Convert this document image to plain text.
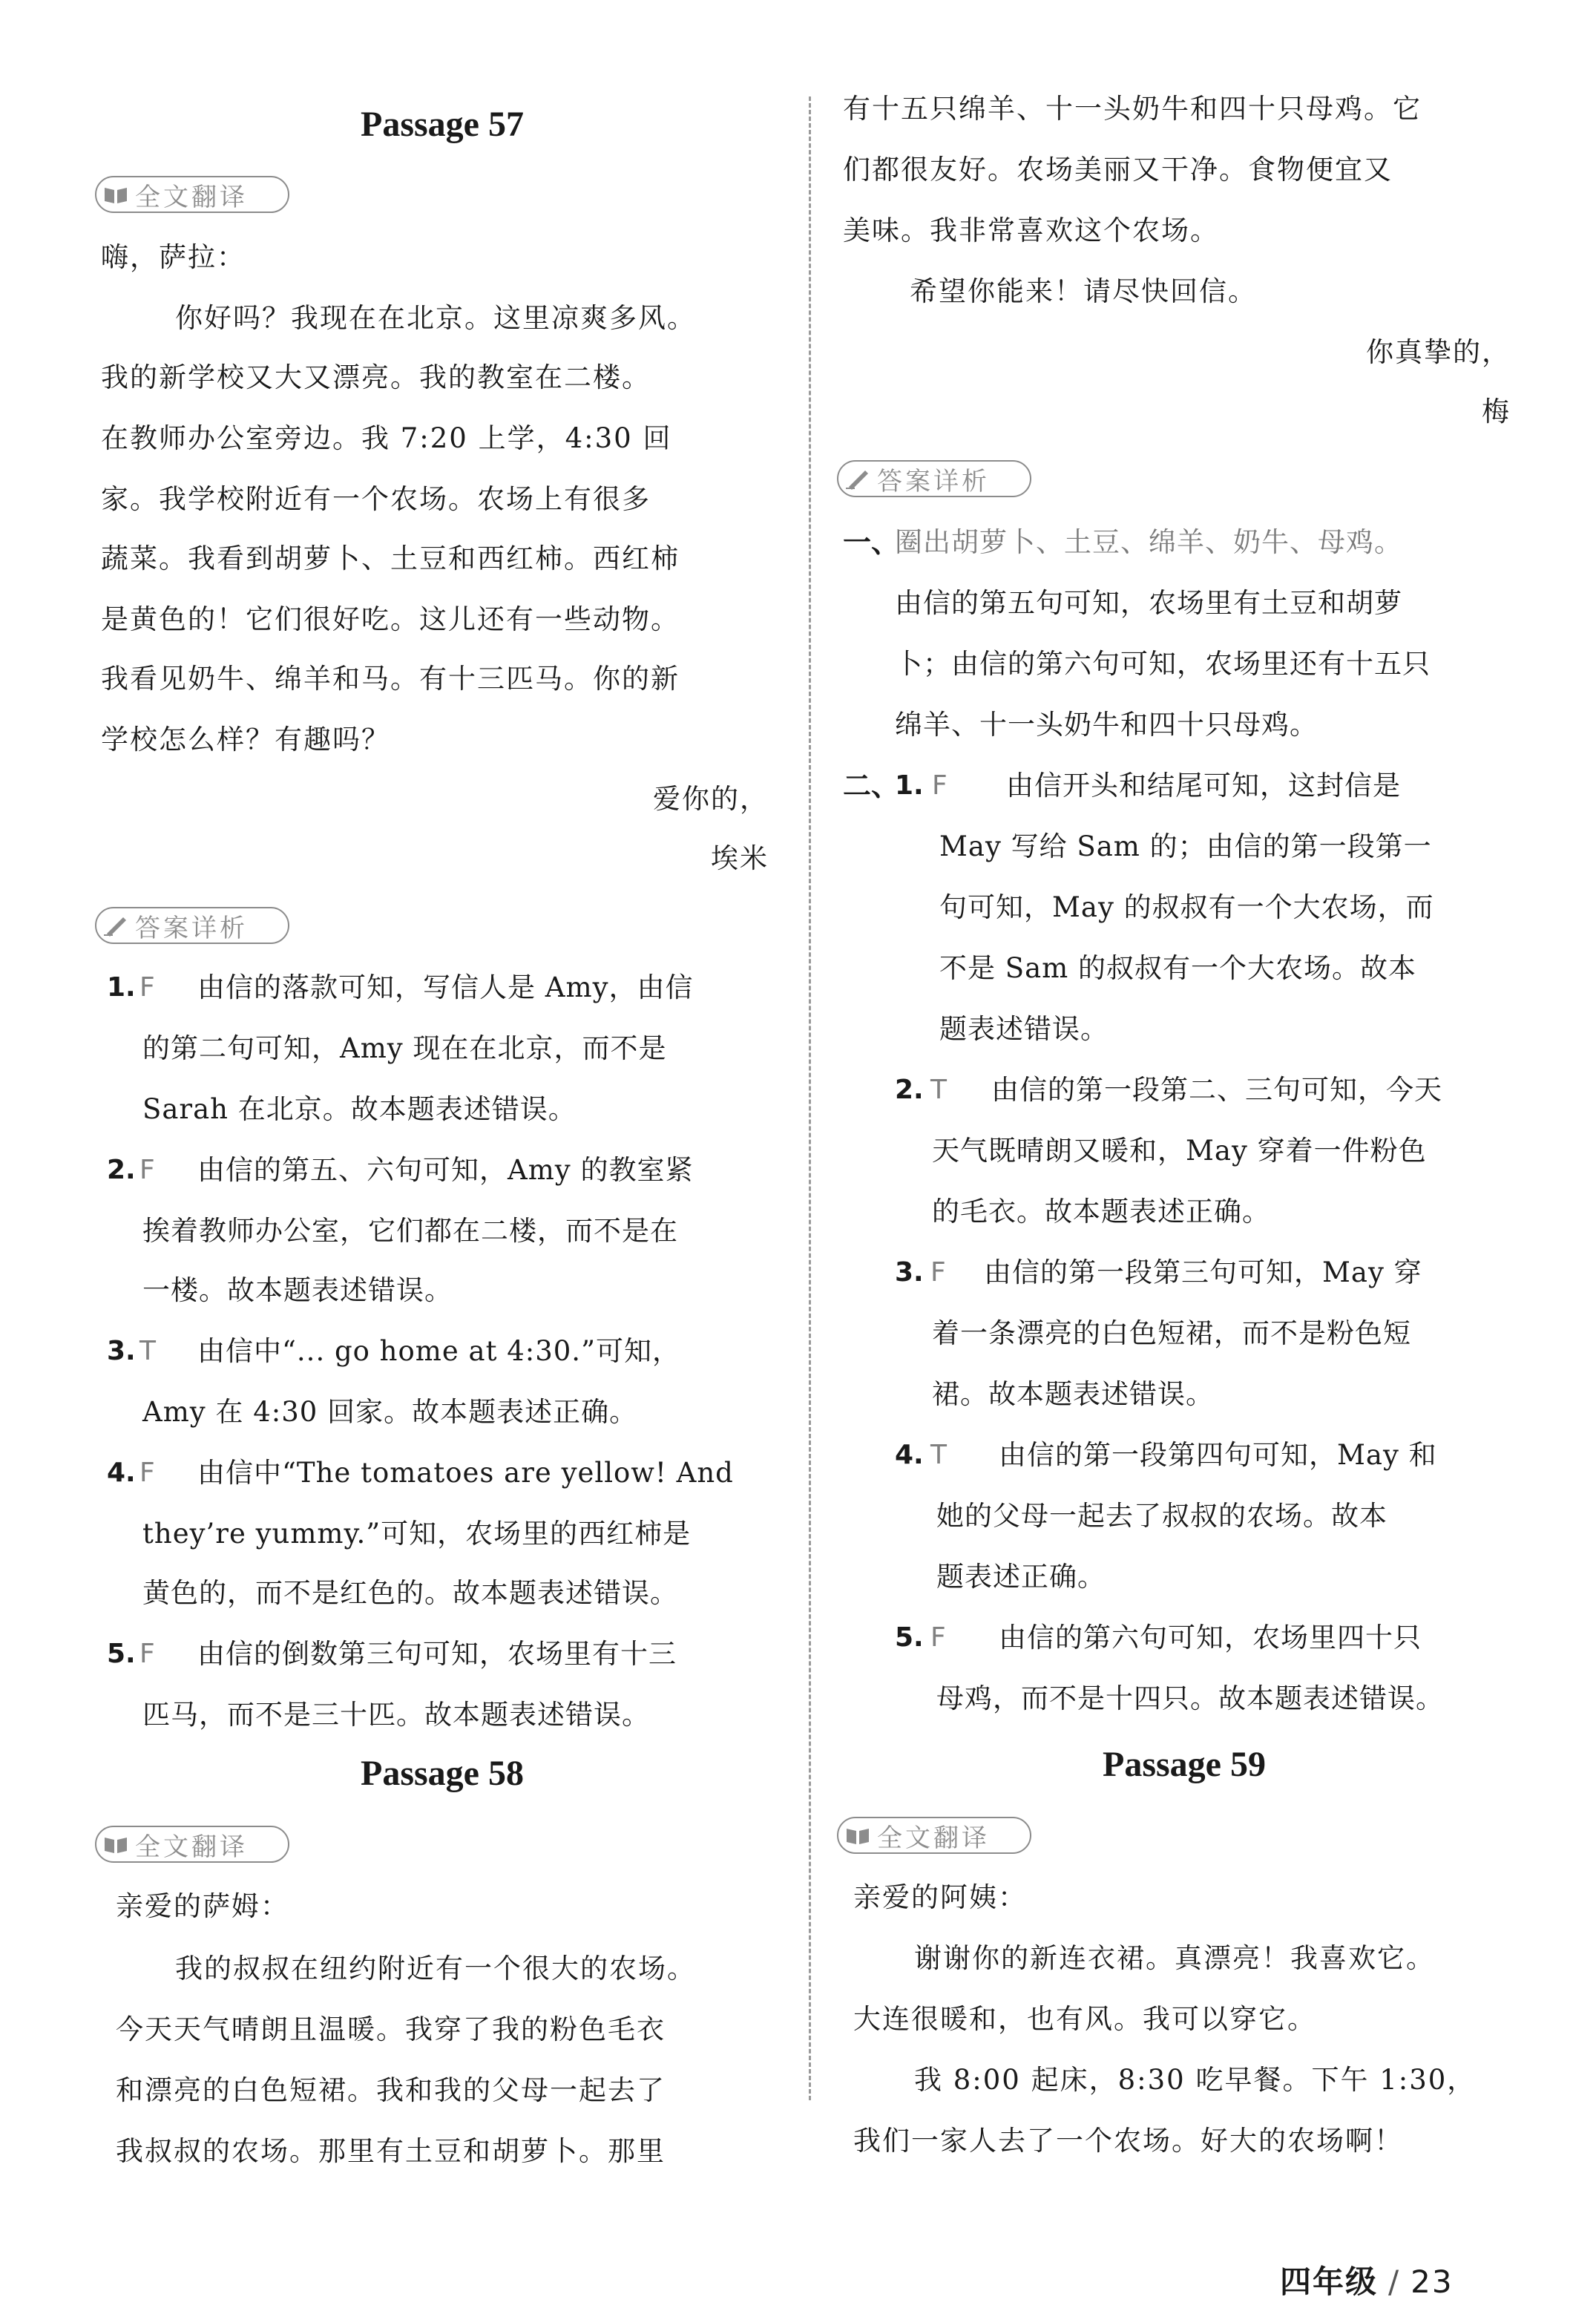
Passage 57
全文翻译
嗨，萨拉：
你好吗？我现在在北京。这里凉爽多风。
我的新学校又大又漂亮。我的教室在二楼。
在教师办公室旁边。我 7:20 上学，4:30 回
家。我学校附近有一个农场。农场上有很多
蔬菜。我看到胡萝卜、土豆和西红柿。西红柿
是黄色的！它们很好吃。这儿还有一些动物。
我看见奶牛、绵羊和马。有十三匹马。你的新
学校怎么样？有趣吗？
爱你的，
埃米
答案详析
1. F 由信的落款可知，写信人是 Amy，由信
的第二句可知，Amy 现在在北京，而不是
Sarah 在北京。故本题表述错误。
2. F 由信的第五、六句可知，Amy 的教室紧
挨着教师办公室，它们都在二楼，而不是在
一楼。故本题表述错误。
3. T 由信中“... go home at 4:30.”可知，
Amy 在 4:30 回家。故本题表述正确。
4. F 由信中“The tomatoes are yellow! And
they’re yummy.”可知，农场里的西红柿是
黄色的，而不是红色的。故本题表述错误。
5. F 由信的倒数第三句可知，农场里有十三
匹马，而不是三十匹。故本题表述错误。
Passage 58
全文翻译
亲爱的萨姆：
我的叔叔在纽约附近有一个很大的农场。
今天天气晴朗且温暖。我穿了我的粉色毛衣
和漂亮的白色短裙。我和我的父母一起去了
我叔叔的农场。那里有土豆和胡萝卜。那里
有十五只绵羊、十一头奶牛和四十只母鸡。它
们都很友好。农场美丽又干净。食物便宜又
美味。我非常喜欢这个农场。
希望你能来！请尽快回信。
你真挚的，
梅
答案详析
一、
圈出胡萝卜、土豆、绵羊、奶牛、母鸡。
由信的第五句可知，农场里有土豆和胡萝
卜；由信的第六句可知，农场里还有十五只
绵羊、十一头奶牛和四十只母鸡。
二、
1. F 由信开头和结尾可知，这封信是
May 写给 Sam 的；由信的第一段第一
句可知，May 的叔叔有一个大农场，而
不是 Sam 的叔叔有一个大农场。故本
题表述错误。
2. T 由信的第一段第二、三句可知，今天
天气既晴朗又暖和，May 穿着一件粉色
的毛衣。故本题表述正确。
3. F 由信的第一段第三句可知，May 穿
着一条漂亮的白色短裙，而不是粉色短
裙。故本题表述错误。
4. T 由信的第一段第四句可知，May 和
她的父母一起去了叔叔的农场。故本
题表述正确。
5. F 由信的第六句可知，农场里四十只
母鸡，而不是十四只。故本题表述错误。
Passage 59
全文翻译
亲爱的阿姨：
谢谢你的新连衣裙。真漂亮！我喜欢它。
大连很暖和，也有风。我可以穿它。
我 8:00 起床，8:30 吃早餐。下午 1:30，
我们一家人去了一个农场。好大的农场啊！
四年级 / 23
